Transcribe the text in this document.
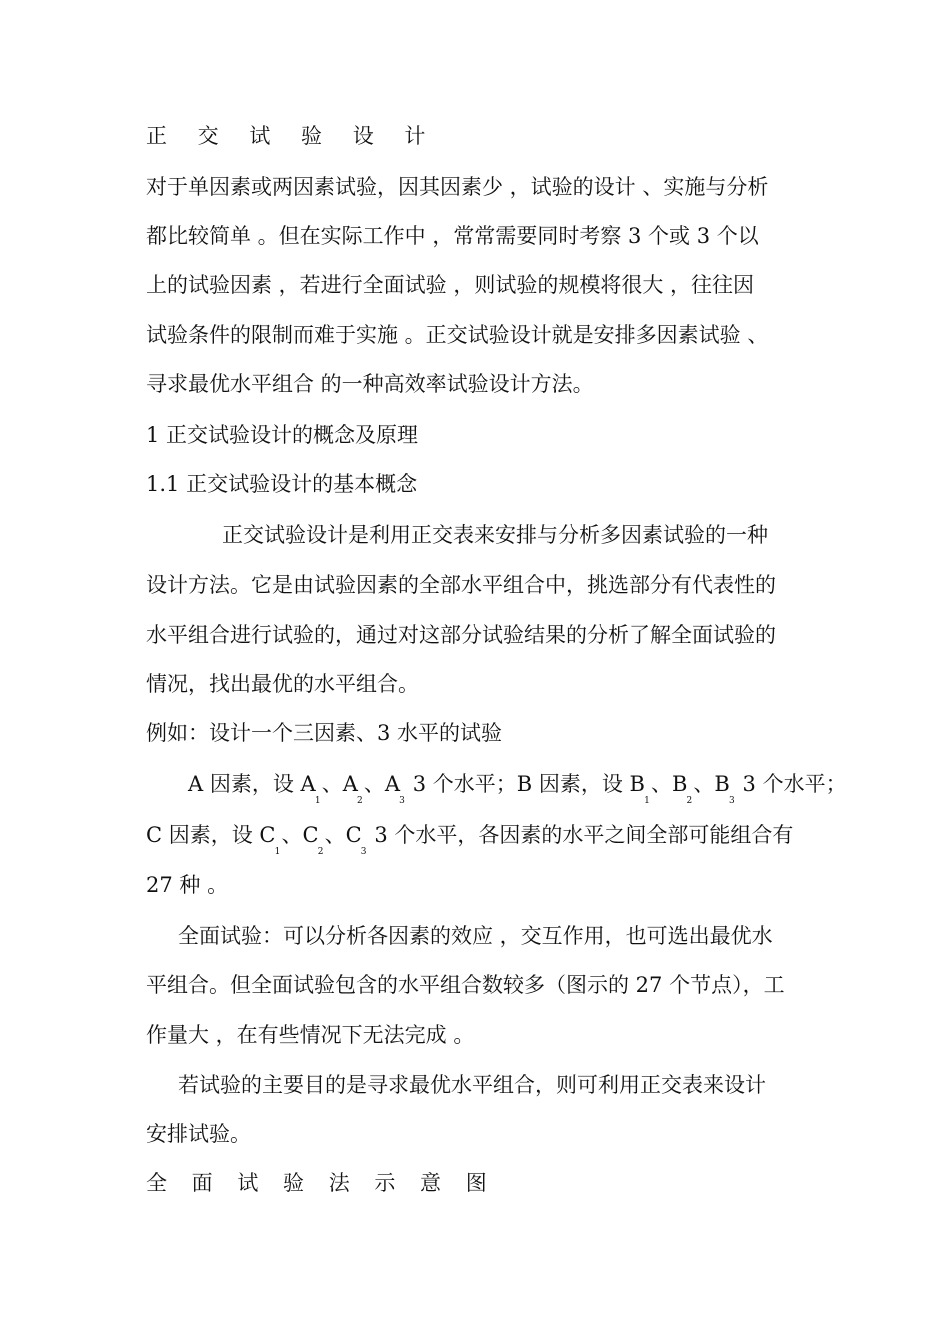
正 交 试 验 设 计

对于单因素或两因素试验，因其因素少 ，试验的设计 、实施与分析

都比较简单 。但在实际工作中 ，常常需要同时考察 3 个或 3 个以

上的试验因素 ，若进行全面试验 ，则试验的规模将很大 ，往往因

试验条件的限制而难于实施 。正交试验设计就是安排多因素试验 、

寻求最优水平组合 的一种高效率试验设计方法。

1 正交试验设计的概念及原理

1.1 正交试验设计的基本概念

正交试验设计是利用正交表来安排与分析多因素试验的一种

设计方法。它是由试验因素的全部水平组合中，挑选部分有代表性的

水平组合进行试验的，通过对这部分试验结果的分析了解全面试验的

情况，找出最优的水平组合。

例如：设计一个三因素、3 水平的试验

A 因素，设 A1、A2、A3 3 个水平；B 因素，设 B1、B2、B3 3 个水平；

C 因素，设 C1、C2、C3 3 个水平，各因素的水平之间全部可能组合有

27 种 。

全面试验：可以分析各因素的效应 ，交互作用，也可选出最优水

平组合。但全面试验包含的水平组合数较多（图示的 27 个节点），工

作量大 ，在有些情况下无法完成 。

若试验的主要目的是寻求最优水平组合，则可利用正交表来设计

安排试验。

全 面 试 验 法 示 意 图
